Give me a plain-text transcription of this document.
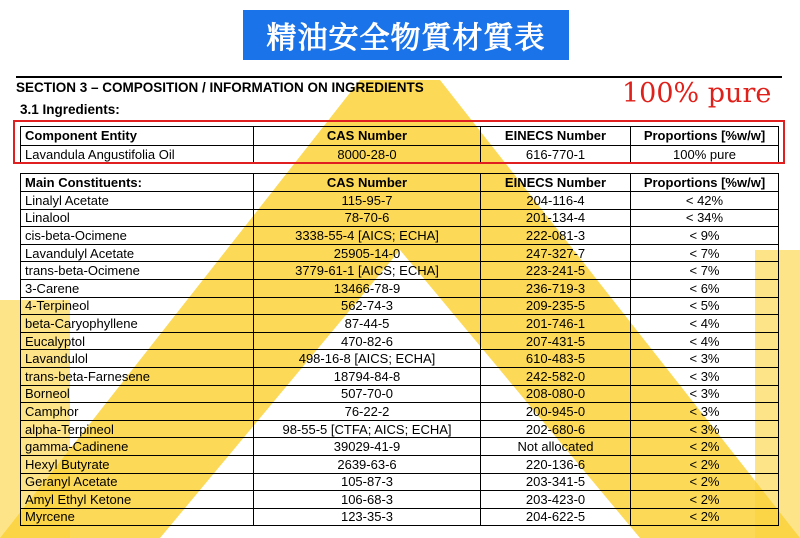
精油安全物質材質表
SECTION 3 – COMPOSITION / INFORMATION ON INGREDIENTS
3.1 Ingredients:
100% pure
Component Entity	CAS Number	EINECS Number	Proportions [%w/w]
Lavandula Angustifolia Oil	8000-28-0	616-770-1	100% pure
Main Constituents:	CAS Number	EINECS Number	Proportions [%w/w]
Linalyl Acetate	115-95-7	204-116-4	< 42%
Linalool	78-70-6	201-134-4	< 34%
cis-beta-Ocimene	3338-55-4 [AICS; ECHA]	222-081-3	< 9%
Lavandulyl Acetate	25905-14-0	247-327-7	< 7%
trans-beta-Ocimene	3779-61-1 [AICS; ECHA]	223-241-5	< 7%
3-Carene	13466-78-9	236-719-3	< 6%
4-Terpineol	562-74-3	209-235-5	< 5%
beta-Caryophyllene	87-44-5	201-746-1	< 4%
Eucalyptol	470-82-6	207-431-5	< 4%
Lavandulol	498-16-8 [AICS; ECHA]	610-483-5	< 3%
trans-beta-Farnesene	18794-84-8	242-582-0	< 3%
Borneol	507-70-0	208-080-0	< 3%
Camphor	76-22-2	200-945-0	< 3%
alpha-Terpineol	98-55-5 [CTFA; AICS; ECHA]	202-680-6	< 3%
gamma-Cadinene	39029-41-9	Not allocated	< 2%
Hexyl Butyrate	2639-63-6	220-136-6	< 2%
Geranyl Acetate	105-87-3	203-341-5	< 2%
Amyl Ethyl Ketone	106-68-3	203-423-0	< 2%
Myrcene	123-35-3	204-622-5	< 2%
